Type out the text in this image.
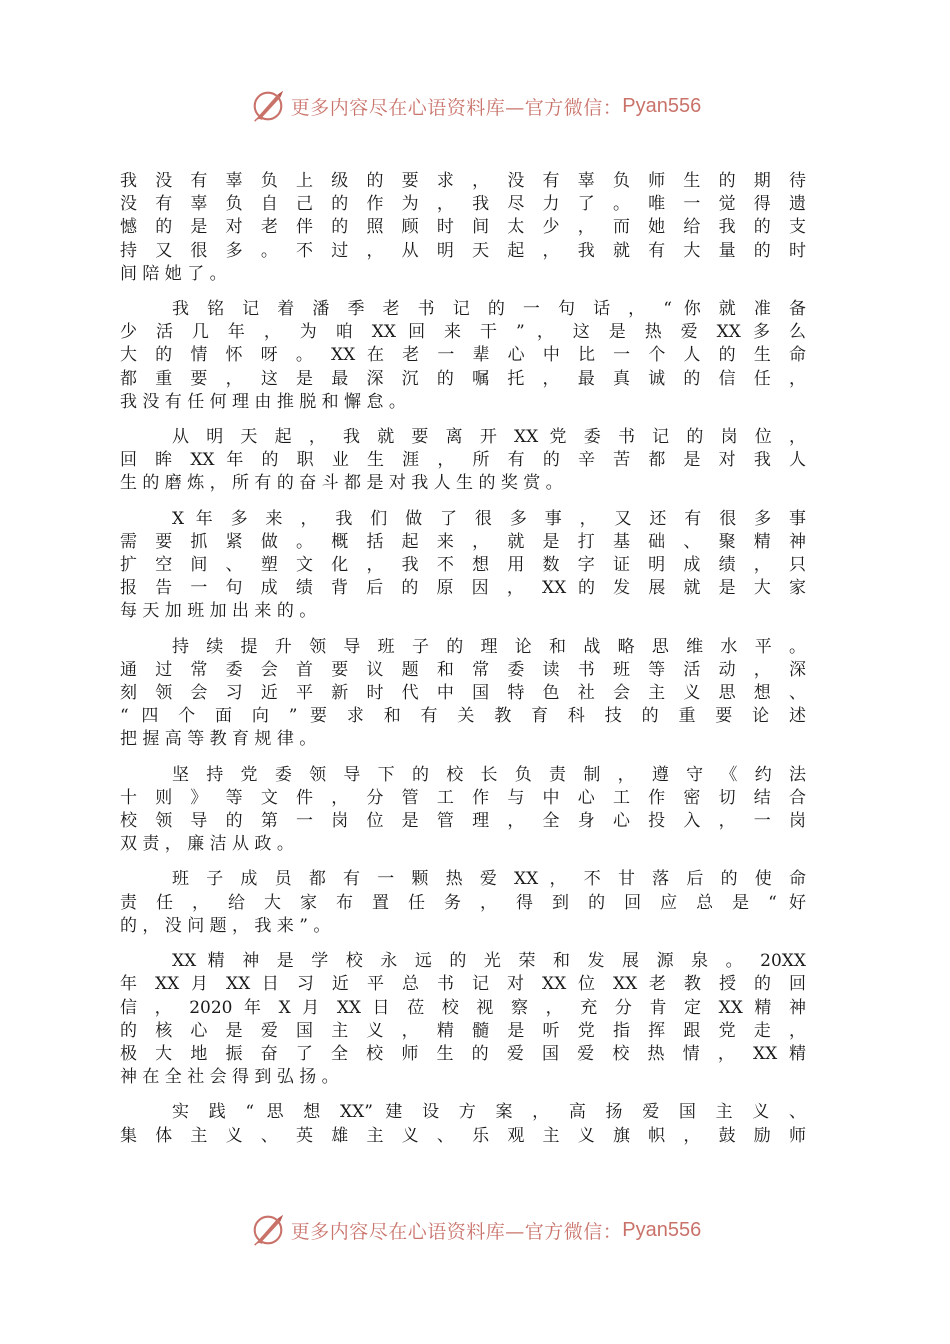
更多内容尽在心语资料库—官方微信： Pyan556
我 没 有 辜 负 上 级 的 要 求 ， 没 有 辜 负 师 生 的 期 待
没 有 辜 负 自 己 的 作 为 ， 我 尽 力 了 。 唯 一 觉 得 遗
憾 的 是 对 老 伴 的 照 顾 时 间 太 少 ， 而 她 给 我 的 支
持 又 很 多 。 不 过 ， 从 明 天 起 ， 我 就 有 大 量 的 时
间 陪 她 了 。
我 铭 记 着 潘 季 老 书 记 的 一 句 话 ， “ 你 就 准 备
少 活 几 年 ， 为 咱 XX 回 来 干 ” ， 这 是 热 爱 XX 多 么
大 的 情 怀 呀 。 XX 在 老 一 辈 心 中 比 一 个 人 的 生 命
都 重 要 ， 这 是 最 深 沉 的 嘱 托 ， 最 真 诚 的 信 任 ，
我 没 有 任 何 理 由 推 脱 和 懈 怠 。
从 明 天 起 ， 我 就 要 离 开 XX 党 委 书 记 的 岗 位 ，
回 眸 XX 年 的 职 业 生 涯 ， 所 有 的 辛 苦 都 是 对 我 人
生 的 磨 炼 ， 所 有 的 奋 斗 都 是 对 我 人 生 的 奖 赏 。
X 年 多 来 ， 我 们 做 了 很 多 事 ， 又 还 有 很 多 事
需 要 抓 紧 做 。 概 括 起 来 ， 就 是 打 基 础 、 聚 精 神
扩 空 间 、 塑 文 化 ， 我 不 想 用 数 字 证 明 成 绩 ， 只
报 告 一 句 成 绩 背 后 的 原 因 ， XX 的 发 展 就 是 大 家
每 天 加 班 加 出 来 的 。
持 续 提 升 领 导 班 子 的 理 论 和 战 略 思 维 水 平 。
通 过 常 委 会 首 要 议 题 和 常 委 读 书 班 等 活 动 ， 深
刻 领 会 习 近 平 新 时 代 中 国 特 色 社 会 主 义 思 想 、
“ 四 个 面 向 ” 要 求 和 有 关 教 育 科 技 的 重 要 论 述
把 握 高 等 教 育 规 律 。
坚 持 党 委 领 导 下 的 校 长 负 责 制 ， 遵 守 《 约 法
十 则 》 等 文 件 ， 分 管 工 作 与 中 心 工 作 密 切 结 合
校 领 导 的 第 一 岗 位 是 管 理 ， 全 身 心 投 入 ， 一 岗
双 责 ， 廉 洁 从 政 。
班 子 成 员 都 有 一 颗 热 爱 XX ， 不 甘 落 后 的 使 命
责 任 ， 给 大 家 布 置 任 务 ， 得 到 的 回 应 总 是 “ 好
的 ， 没 问 题 ， 我 来 ” 。
XX 精 神 是 学 校 永 远 的 光 荣 和 发 展 源 泉 。 20XX
年 XX 月 XX 日 习 近 平 总 书 记 对 XX 位 XX 老 教 授 的 回
信 ， 2020 年 X 月 XX 日 莅 校 视 察 ， 充 分 肯 定 XX 精 神
的 核 心 是 爱 国 主 义 ， 精 髓 是 听 党 指 挥 跟 党 走 ，
极 大 地 振 奋 了 全 校 师 生 的 爱 国 爱 校 热 情 ， XX 精
神 在 全 社 会 得 到 弘 扬 。
实 践 “ 思 想 XX” 建 设 方 案 ， 高 扬 爱 国 主 义 、
集 体 主 义 、 英 雄 主 义 、 乐 观 主 义 旗 帜 ， 鼓 励 师
更多内容尽在心语资料库—官方微信： Pyan556
